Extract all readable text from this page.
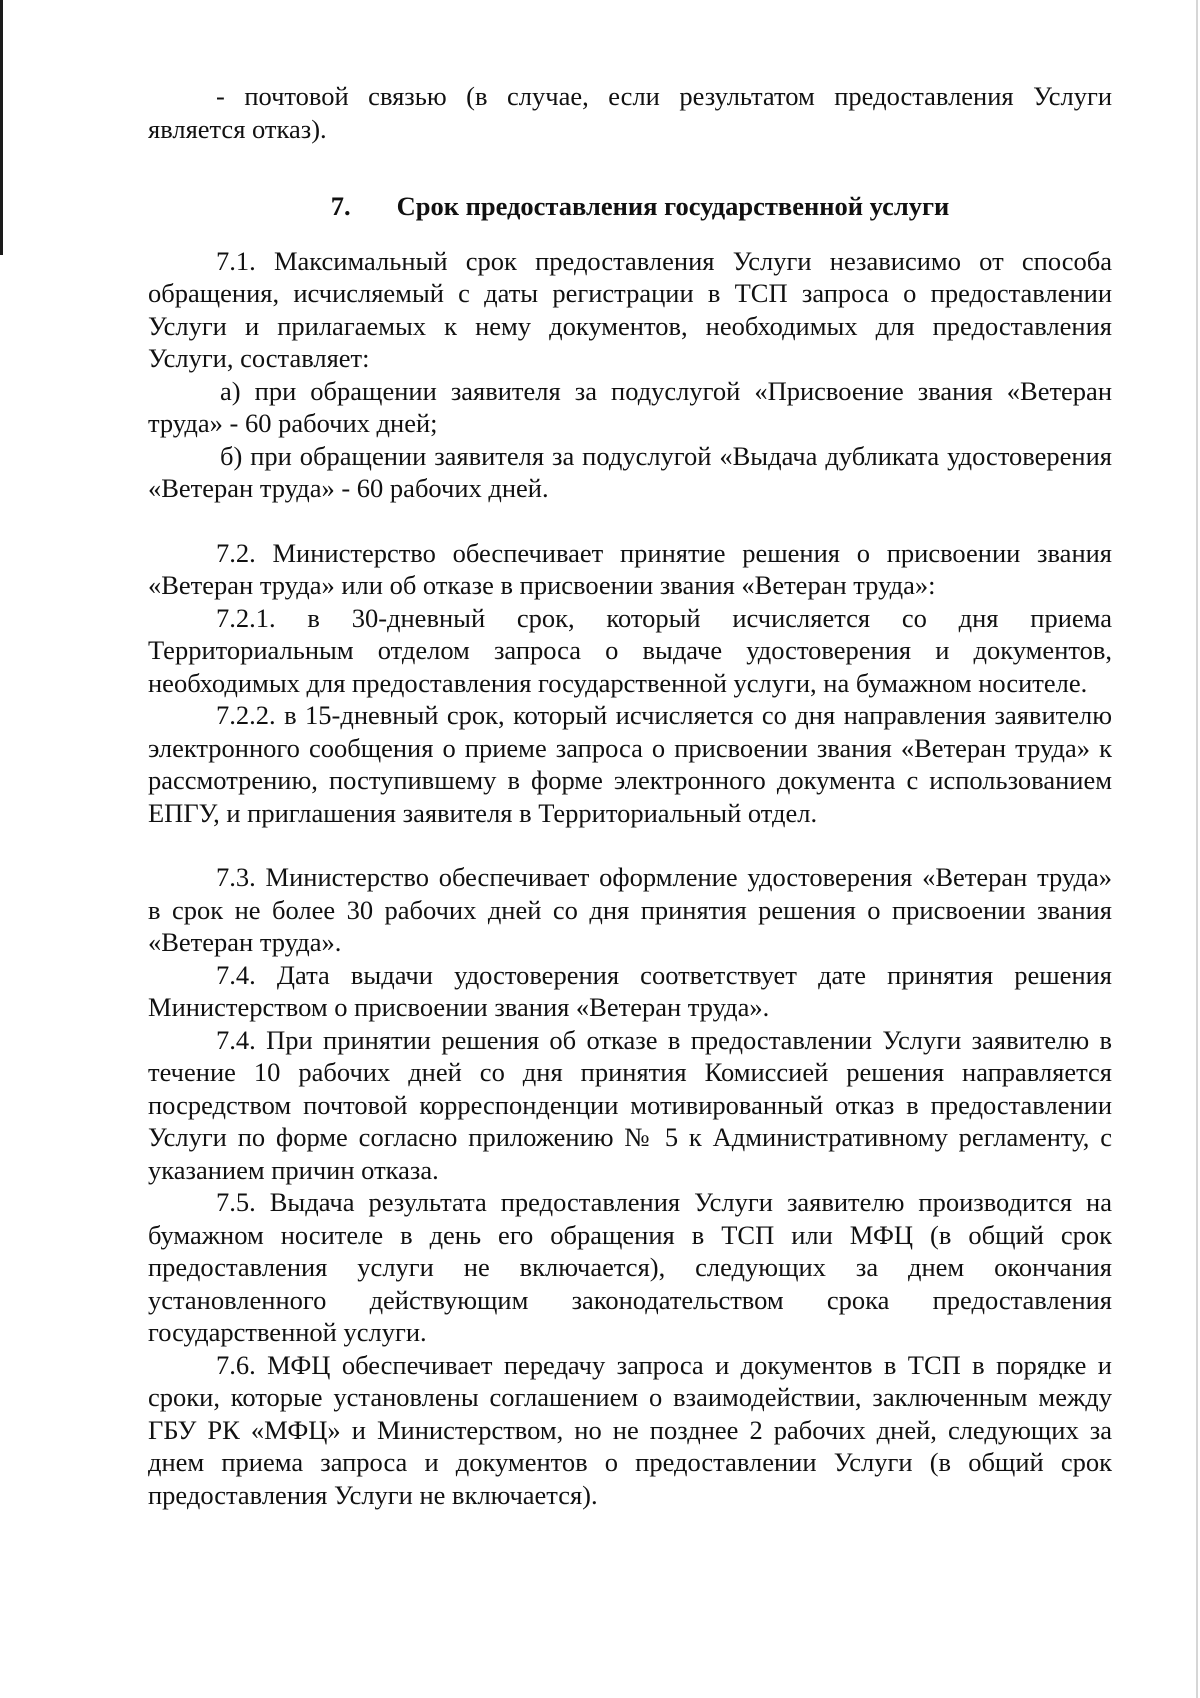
- почтовой связью (в случае, если результатом предоставления Услуги является отказ).

7. Срок предоставления государственной услуги

7.1. Максимальный срок предоставления Услуги независимо от способа обращения, исчисляемый с даты регистрации в ТСП запроса о предоставлении Услуги и прилагаемых к нему документов, необходимых для предоставления Услуги, составляет:

а) при обращении заявителя за подуслугой «Присвоение звания «Ветеран труда» - 60 рабочих дней;

б) при обращении заявителя за подуслугой «Выдача дубликата удостоверения «Ветеран труда» - 60 рабочих дней.

7.2. Министерство обеспечивает принятие решения о присвоении звания «Ветеран труда» или об отказе в присвоении звания «Ветеран труда»:

7.2.1. в 30-дневный срок, который исчисляется со дня приема Территориальным отделом запроса о выдаче удостоверения и документов, необходимых для предоставления государственной услуги, на бумажном носителе.

7.2.2. в 15-дневный срок, который исчисляется со дня направления заявителю электронного сообщения о приеме запроса о присвоении звания «Ветеран труда» к рассмотрению, поступившему в форме электронного документа с использованием ЕПГУ, и приглашения заявителя в Территориальный отдел.

7.3. Министерство обеспечивает оформление удостоверения «Ветеран труда» в срок не более 30 рабочих дней со дня принятия решения о присвоении звания «Ветеран труда».

7.4. Дата выдачи удостоверения соответствует дате принятия решения Министерством о присвоении звания «Ветеран труда».

7.4. При принятии решения об отказе в предоставлении Услуги заявителю в течение 10 рабочих дней со дня принятия Комиссией решения направляется посредством почтовой корреспонденции мотивированный отказ в предоставлении Услуги по форме согласно приложению № 5 к Административному регламенту, с указанием причин отказа.

7.5. Выдача результата предоставления Услуги заявителю производится на бумажном носителе в день его обращения в ТСП или МФЦ (в общий срок предоставления услуги не включается), следующих за днем окончания установленного действующим законодательством срока предоставления государственной услуги.

7.6. МФЦ обеспечивает передачу запроса и документов в ТСП в порядке и сроки, которые установлены соглашением о взаимодействии, заключенным между ГБУ РК «МФЦ» и Министерством, но не позднее 2 рабочих дней, следующих за днем приема запроса и документов о предоставлении Услуги (в общий срок предоставления Услуги не включается).
